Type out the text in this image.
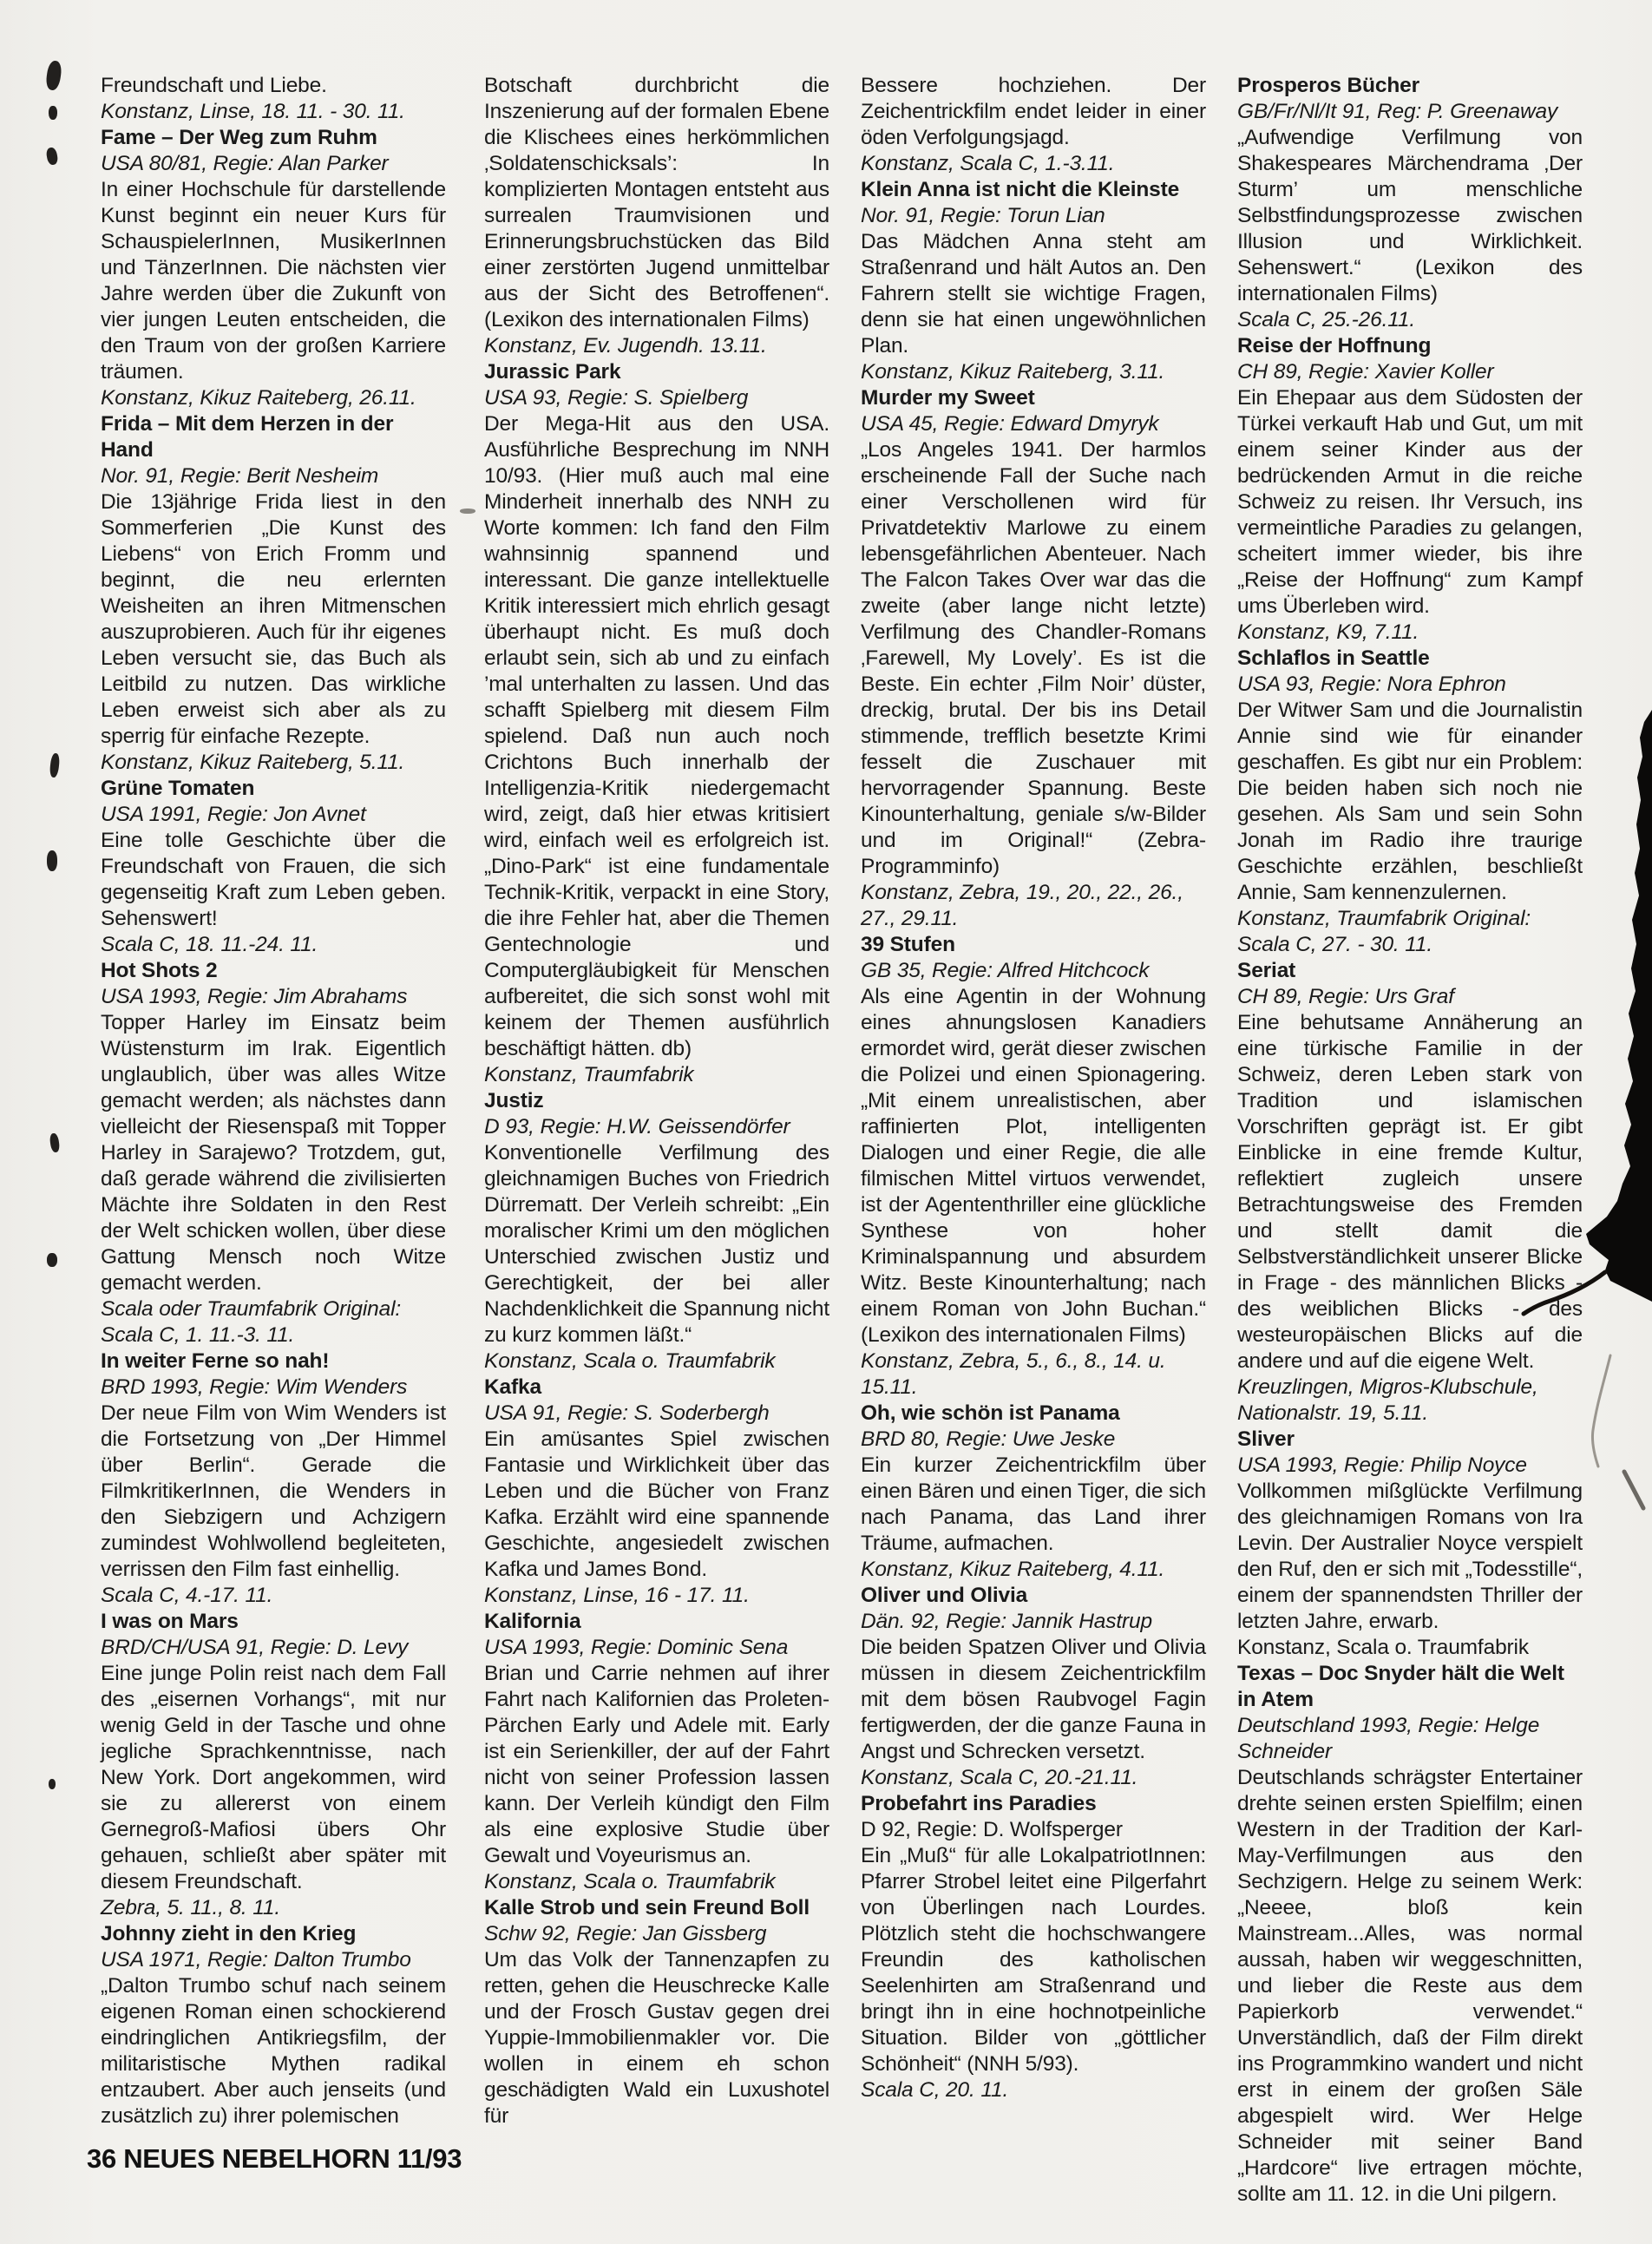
Freundschaft und Liebe.
Konstanz, Linse, 18. 11. - 30. 11.
Fame – Der Weg zum Ruhm
USA 80/81, Regie: Alan Parker
In einer Hochschule für darstellende Kunst beginnt ein neuer Kurs für SchauspielerInnen, MusikerInnen und TänzerInnen. Die nächsten vier Jahre werden über die Zukunft von vier jungen Leuten entscheiden, die den Traum von der großen Karriere träumen.
Konstanz, Kikuz Raiteberg, 26.11.
Frida – Mit dem Herzen in der Hand
Nor. 91, Regie: Berit Nesheim
Die 13jährige Frida liest in den Sommerferien „Die Kunst des Liebens“ von Erich Fromm und beginnt, die neu erlernten Weisheiten an ihren Mitmenschen auszuprobieren. Auch für ihr eigenes Leben versucht sie, das Buch als Leitbild zu nutzen. Das wirkliche Leben erweist sich aber als zu sperrig für einfache Rezepte.
Konstanz, Kikuz Raiteberg, 5.11.
Grüne Tomaten
USA 1991, Regie: Jon Avnet
Eine tolle Geschichte über die Freundschaft von Frauen, die sich gegenseitig Kraft zum Leben geben. Sehenswert!
Scala C, 18. 11.-24. 11.
Hot Shots 2
USA 1993, Regie: Jim Abrahams
Topper Harley im Einsatz beim Wüstensturm im Irak. Eigentlich unglaublich, über was alles Witze gemacht werden; als nächstes dann vielleicht der Riesenspaß mit Topper Harley in Sarajewo? Trotzdem, gut, daß gerade während die zivilisierten Mächte ihre Soldaten in den Rest der Welt schicken wollen, über diese Gattung Mensch noch Witze gemacht werden.
Scala oder Traumfabrik Original: Scala C, 1. 11.-3. 11.
In weiter Ferne so nah!
BRD 1993, Regie: Wim Wenders
Der neue Film von Wim Wenders ist die Fortsetzung von „Der Himmel über Berlin“. Gerade die FilmkritikerInnen, die Wenders in den Siebzigern und Achzigern zumindest Wohlwollend begleiteten, verrissen den Film fast einhellig.
Scala C, 4.-17. 11.
I was on Mars
BRD/CH/USA 91, Regie: D. Levy
Eine junge Polin reist nach dem Fall des „eisernen Vorhangs“, mit nur wenig Geld in der Tasche und ohne jegliche Sprachkenntnisse, nach New York. Dort angekommen, wird sie zu allererst von einem Gernegroß-Mafiosi übers Ohr gehauen, schließt aber später mit diesem Freundschaft.
Zebra, 5. 11., 8. 11.
Johnny zieht in den Krieg
USA 1971, Regie: Dalton Trumbo
„Dalton Trumbo schuf nach seinem eigenen Roman einen schockierend eindringlichen Antikriegsfilm, der militaristische Mythen radikal entzaubert. Aber auch jenseits (und zusätzlich zu) ihrer polemischen
Botschaft durchbricht die Inszenierung auf der formalen Ebene die Klischees eines herkömmlichen ‚Soldatenschicksals’: In komplizierten Montagen entsteht aus surrealen Traumvisionen und Erinnerungsbruchstücken das Bild einer zerstörten Jugend unmittelbar aus der Sicht des Betroffenen“. (Lexikon des internationalen Films)
Konstanz, Ev. Jugendh. 13.11.
Jurassic Park
USA 93, Regie: S. Spielberg
Der Mega-Hit aus den USA. Ausführliche Besprechung im NNH 10/93. (Hier muß auch mal eine Minderheit innerhalb des NNH zu Worte kommen: Ich fand den Film wahnsinnig spannend und interessant. Die ganze intellektuelle Kritik interessiert mich ehrlich gesagt überhaupt nicht. Es muß doch erlaubt sein, sich ab und zu einfach ’mal unterhalten zu lassen. Und das schafft Spielberg mit diesem Film spielend. Daß nun auch noch Crichtons Buch innerhalb der Intelligenzia-Kritik niedergemacht wird, zeigt, daß hier etwas kritisiert wird, einfach weil es erfolgreich ist. „Dino-Park“ ist eine fundamentale Technik-Kritik, verpackt in eine Story, die ihre Fehler hat, aber die Themen Gentechnologie und Computergläubigkeit für Menschen aufbereitet, die sich sonst wohl mit keinem der Themen ausführlich beschäftigt hätten. db)
Konstanz, Traumfabrik
Justiz
D 93, Regie: H.W. Geissendörfer
Konventionelle Verfilmung des gleichnamigen Buches von Friedrich Dürrematt. Der Verleih schreibt: „Ein moralischer Krimi um den möglichen Unterschied zwischen Justiz und Gerechtigkeit, der bei aller Nachdenklichkeit die Spannung nicht zu kurz kommen läßt.“
Konstanz, Scala o. Traumfabrik
Kafka
USA 91, Regie: S. Soderbergh
Ein amüsantes Spiel zwischen Fantasie und Wirklichkeit über das Leben und die Bücher von Franz Kafka. Erzählt wird eine spannende Geschichte, angesiedelt zwischen Kafka und James Bond.
Konstanz, Linse, 16 - 17. 11.
Kalifornia
USA 1993, Regie: Dominic Sena
Brian und Carrie nehmen auf ihrer Fahrt nach Kalifornien das Proleten-Pärchen Early und Adele mit. Early ist ein Serienkiller, der auf der Fahrt nicht von seiner Profession lassen kann. Der Verleih kündigt den Film als eine explosive Studie über Gewalt und Voyeurismus an.
Konstanz, Scala o. Traumfabrik
Kalle Strob und sein Freund Boll
Schw 92, Regie: Jan Gissberg
Um das Volk der Tannenzapfen zu retten, gehen die Heuschrecke Kalle und der Frosch Gustav gegen drei Yuppie-Immobilienmakler vor. Die wollen in einem eh schon geschädigten Wald ein Luxushotel für
Bessere hochziehen. Der Zeichentrickfilm endet leider in einer öden Verfolgungsjagd.
Konstanz, Scala C, 1.-3.11.
Klein Anna ist nicht die Kleinste
Nor. 91, Regie: Torun Lian
Das Mädchen Anna steht am Straßenrand und hält Autos an. Den Fahrern stellt sie wichtige Fragen, denn sie hat einen ungewöhnlichen Plan.
Konstanz, Kikuz Raiteberg, 3.11.
Murder my Sweet
USA 45, Regie: Edward Dmyryk
„Los Angeles 1941. Der harmlos erscheinende Fall der Suche nach einer Verschollenen wird für Privatdetektiv Marlowe zu einem lebensgefährlichen Abenteuer. Nach The Falcon Takes Over war das die zweite (aber lange nicht letzte) Verfilmung des Chandler-Romans ‚Farewell, My Lovely’. Es ist die Beste. Ein echter ‚Film Noir’ düster, dreckig, brutal. Der bis ins Detail stimmende, trefflich besetzte Krimi fesselt die Zuschauer mit hervorragender Spannung. Beste Kinounterhaltung, geniale s/w-Bilder und im Original!“ (Zebra-Programminfo)
Konstanz, Zebra, 19., 20., 22., 26., 27., 29.11.
39 Stufen
GB 35, Regie: Alfred Hitchcock
Als eine Agentin in der Wohnung eines ahnungslosen Kanadiers ermordet wird, gerät dieser zwischen die Polizei und einen Spionagering. „Mit einem unrealistischen, aber raffinierten Plot, intelligenten Dialogen und einer Regie, die alle filmischen Mittel virtuos verwendet, ist der Agententhriller eine glückliche Synthese von hoher Kriminalspannung und absurdem Witz. Beste Kinounterhaltung; nach einem Roman von John Buchan.“ (Lexikon des internationalen Films)
Konstanz, Zebra, 5., 6., 8., 14. u. 15.11.
Oh, wie schön ist Panama
BRD 80, Regie: Uwe Jeske
Ein kurzer Zeichentrickfilm über einen Bären und einen Tiger, die sich nach Panama, das Land ihrer Träume, aufmachen.
Konstanz, Kikuz Raiteberg, 4.11.
Oliver und Olivia
Dän. 92, Regie: Jannik Hastrup
Die beiden Spatzen Oliver und Olivia müssen in diesem Zeichentrickfilm mit dem bösen Raubvogel Fagin fertigwerden, der die ganze Fauna in Angst und Schrecken versetzt.
Konstanz, Scala C, 20.-21.11.
Probefahrt ins Paradies
D 92, Regie: D. Wolfsperger
Ein „Muß“ für alle LokalpatriotInnen: Pfarrer Strobel leitet eine Pilgerfahrt von Überlingen nach Lourdes. Plötzlich steht die hochschwangere Freundin des katholischen Seelenhirten am Straßenrand und bringt ihn in eine hochnotpeinliche Situation. Bilder von „göttlicher Schönheit“ (NNH 5/93).
Scala C, 20. 11.
Prosperos Bücher
GB/Fr/Nl/It 91, Reg: P. Greenaway
„Aufwendige Verfilmung von Shakespeares Märchendrama ‚Der Sturm’ um menschliche Selbstfindungsprozesse zwischen Illusion und Wirklichkeit. Sehenswert.“ (Lexikon des internationalen Films)
Scala C, 25.-26.11.
Reise der Hoffnung
CH 89, Regie: Xavier Koller
Ein Ehepaar aus dem Südosten der Türkei verkauft Hab und Gut, um mit einem seiner Kinder aus der bedrückenden Armut in die reiche Schweiz zu reisen. Ihr Versuch, ins vermeintliche Paradies zu gelangen, scheitert immer wieder, bis ihre „Reise der Hoffnung“ zum Kampf ums Überleben wird.
Konstanz, K9, 7.11.
Schlaflos in Seattle
USA 93, Regie: Nora Ephron
Der Witwer Sam und die Journalistin Annie sind wie für einander geschaffen. Es gibt nur ein Problem: Die beiden haben sich noch nie gesehen. Als Sam und sein Sohn Jonah im Radio ihre traurige Geschichte erzählen, beschließt Annie, Sam kennenzulernen.
Konstanz, Traumfabrik Original: Scala C, 27. - 30. 11.
Seriat
CH 89, Regie: Urs Graf
Eine behutsame Annäherung an eine türkische Familie in der Schweiz, deren Leben stark von Tradition und islamischen Vorschriften geprägt ist. Er gibt Einblicke in eine fremde Kultur, reflektiert zugleich unsere Betrachtungsweise des Fremden und stellt damit die Selbstverständlichkeit unserer Blicke in Frage - des männlichen Blicks - des weiblichen Blicks - des westeuropäischen Blicks auf die andere und auf die eigene Welt.
Kreuzlingen, Migros-Klubschule, Nationalstr. 19, 5.11.
Sliver
USA 1993, Regie: Philip Noyce
Vollkommen mißglückte Verfilmung des gleichnamigen Romans von Ira Levin. Der Australier Noyce verspielt den Ruf, den er sich mit „Todesstille“, einem der spannendsten Thriller der letzten Jahre, erwarb.
Konstanz, Scala o. Traumfabrik
Texas – Doc Snyder hält die Welt in Atem
Deutschland 1993, Regie: Helge Schneider
Deutschlands schrägster Entertainer drehte seinen ersten Spielfilm; einen Western in der Tradition der Karl-May-Verfilmungen aus den Sechzigern. Helge zu seinem Werk: „Neeee, bloß kein Mainstream...Alles, was normal aussah, haben wir weggeschnitten, und lieber die Reste aus dem Papierkorb verwendet.“ Unverständlich, daß der Film direkt ins Programmkino wandert und nicht erst in einem der großen Säle abgespielt wird. Wer Helge Schneider mit seiner Band „Hardcore“ live ertragen möchte, sollte am 11. 12. in die Uni pilgern.
36 NEUES NEBELHORN 11/93
